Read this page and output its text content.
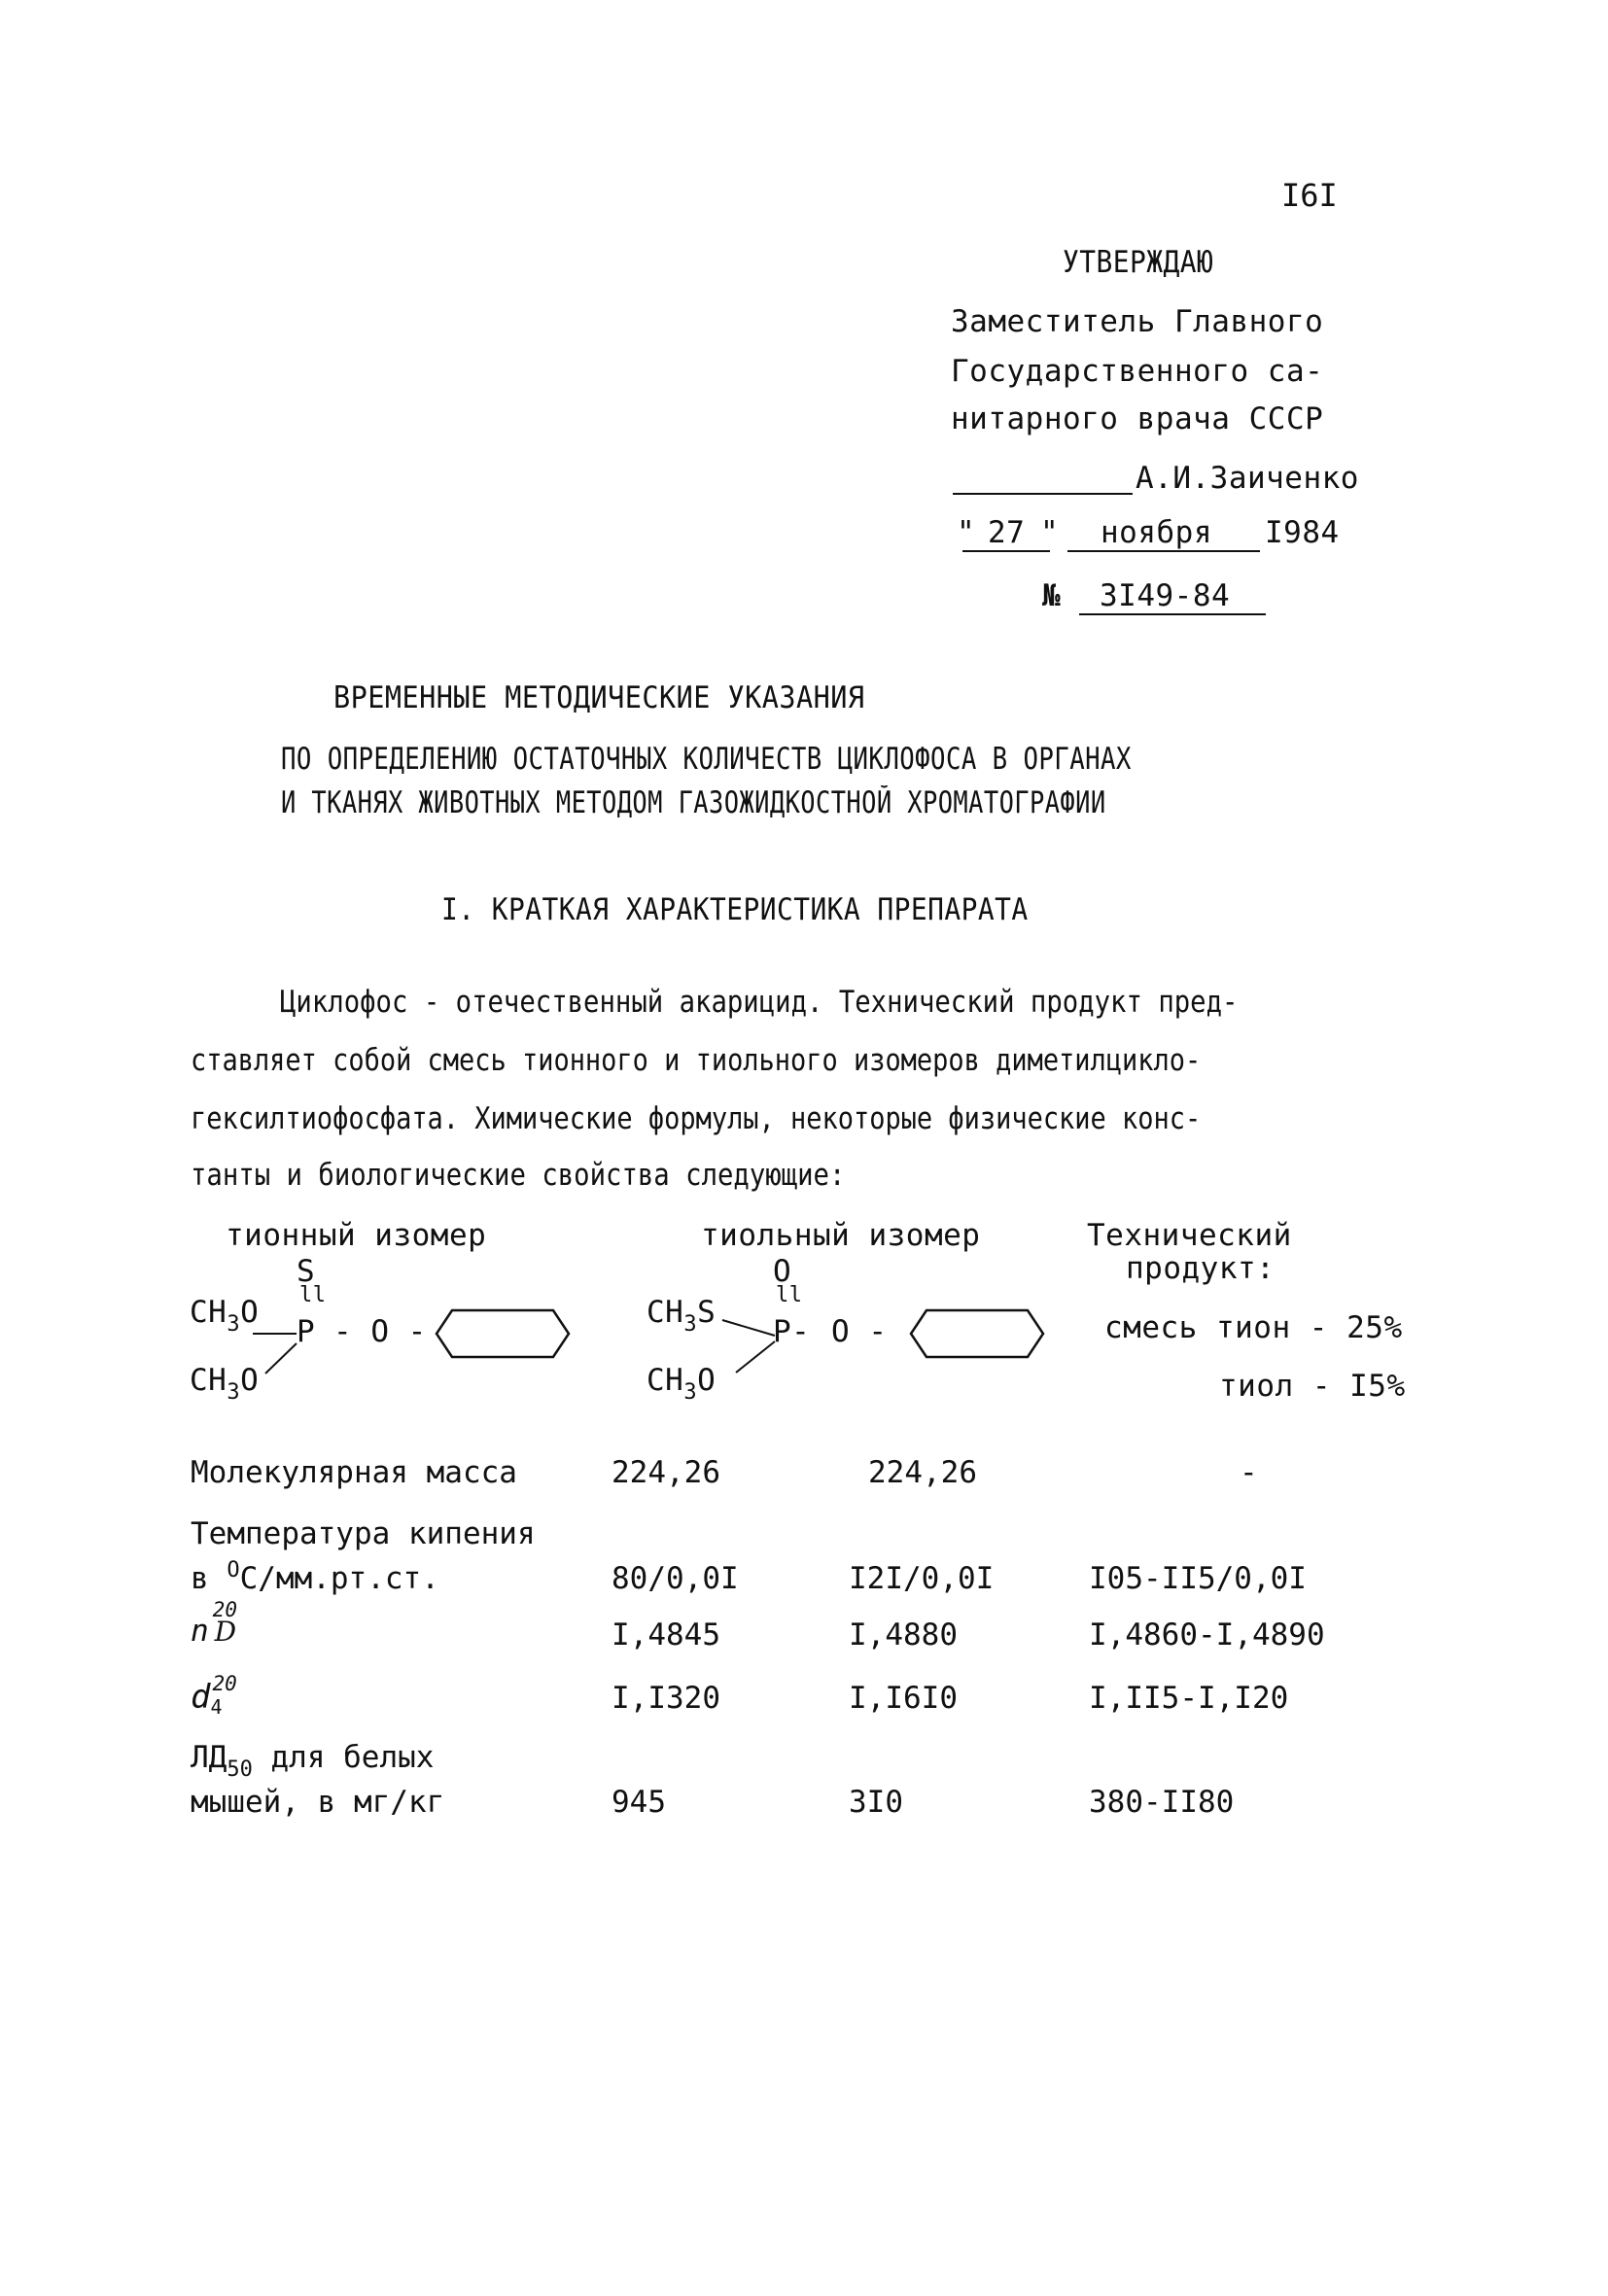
I6I
УТВЕРЖДАЮ
Заместитель Главного
Государственного са-
нитарного врача СССР
А.И.Заиченко
" 27 " ноября I984
№ 3I49-84
ВРЕМЕННЫЕ МЕТОДИЧЕСКИЕ УКАЗАНИЯ
ПО ОПРЕДЕЛЕНИЮ ОСТАТОЧНЫХ КОЛИЧЕСТВ ЦИКЛОФОСА В ОРГАНАХ
И ТКАНЯХ ЖИВОТНЫХ МЕТОДОМ ГАЗОЖИДКОСТНОЙ ХРОМАТОГРАФИИ
I. КРАТКАЯ ХАРАКТЕРИСТИКА ПРЕПАРАТА
Циклофос - отечественный акарицид. Технический продукт пред-
ставляет собой смесь тионного и тиольного изомеров диметилцикло-
гексилтиофосфата. Химические формулы, некоторые физические конс-
танты и биологические свойства следующие:
тионный изомер	тиольный изомер	Технический
продукт:
смесь тион - 25%
тиол - I5%
S
ll
$CH_3O$
P - O -
$CH_3O$
O
ll
$CH_3S$
P- O -
$CH_3O$
Молекулярная масса	224,26	224,26	-
Температура кипения
в $^O$C/мм.рт.ст.	80/0,0I	I2I/0,0I	I05-II5/0,0I
n
20
D	I,4845	I,4880	I,4860-I,4890
d 20
4	I,I320	I,I6I0	I,II5-I,I20
$ЛД_{50}$ для белых
мышей, в мг/кг	945	3I0	380-II80
